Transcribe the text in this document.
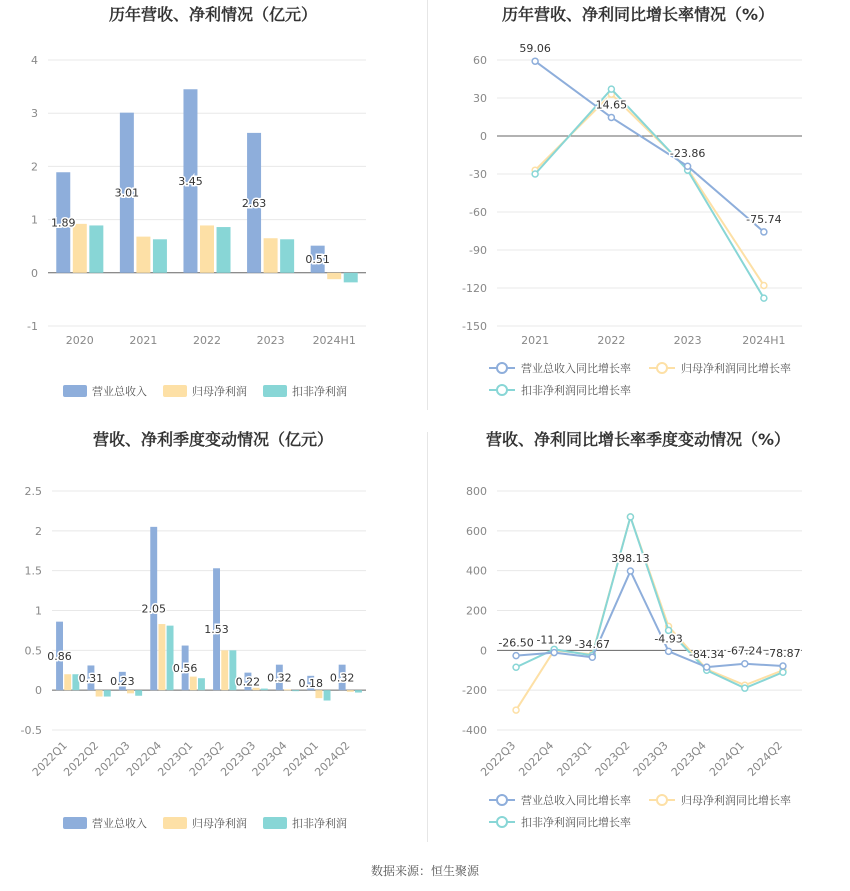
历年营收、净利情况（亿元）
-1
0
1
2
3
4
1.89
3.01
3.45
2.63
0.51
2020	2021	2022	2023	2024H1
营业总收入	归母净利润	扣非净利润
历年营收、净利同比增长率情况（%）
60
30
0
-30
-60
-90
-120
-150
59.06
14.65
-23.86
-75.74
2021	2022	2023	2024H1
营业总收入同比增长率	归母净利润同比增长率
扣非净利润同比增长率
营收、净利季度变动情况（亿元）
-0.5
0
0.5
1
1.5
2
2.5
0.86
0.31 0.23
2.05
0.56
1.53
0.22 0.32 0.18 0.32
2022Q1
2022Q2
2022Q3
2022Q4
2023Q1
2023Q2
2023Q3
2023Q4
2024Q1
2024Q2
营业总收入	归母净利润	扣非净利润
营收、净利同比增长率季度变动情况（%）
800
600
400
200
0
-200
-400
-26.50 -11.29 -34.67
398.13
-4.93
-84.34 -67.24 -78.87
2022Q3
2022Q4
2023Q1
2023Q2
2023Q3
2023Q4
2024Q1
2024Q2
营业总收入同比增长率	归母净利润同比增长率
扣非净利润同比增长率
数据来源：恒生聚源
